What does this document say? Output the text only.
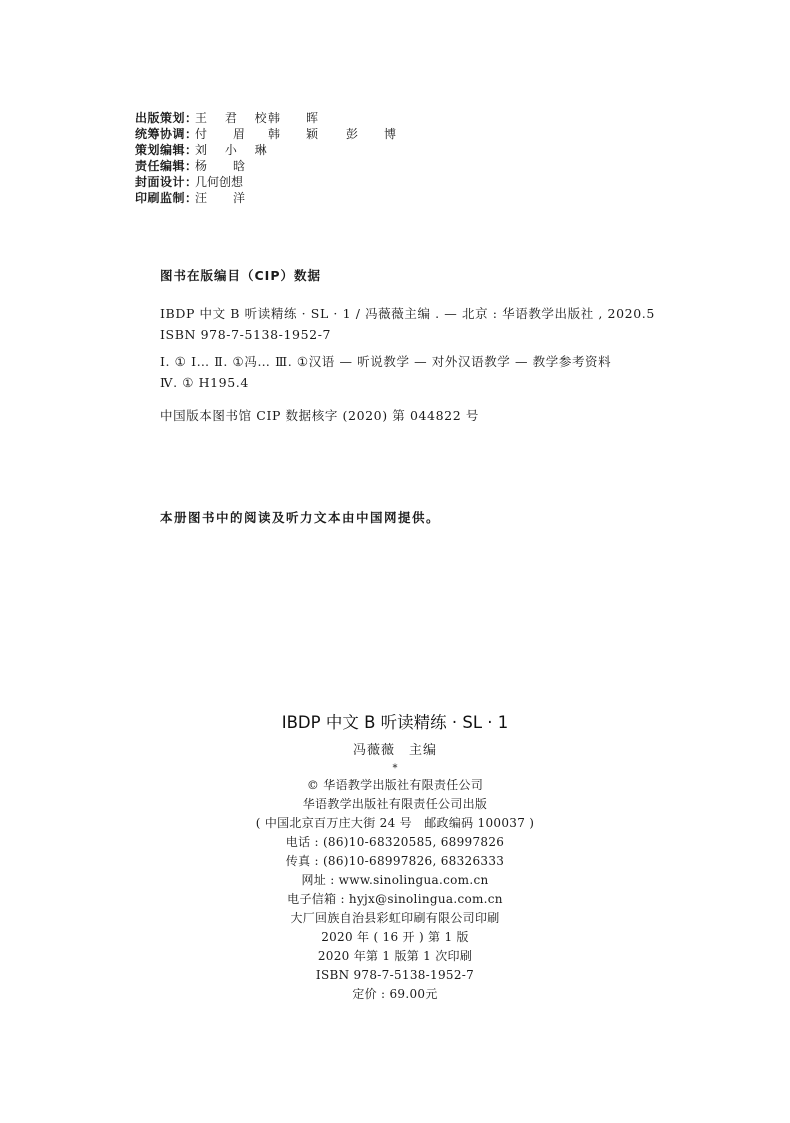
出版策划：
王 君 校
韩　晖
统筹协调：
付　眉 韩　颖 彭　博
策划编辑：
刘 小 琳
责任编辑：
杨　晗
封面设计：
几何创想
印刷监制：
汪　洋
图书在版编目（CIP）数据
IBDP 中文 B 听读精练 · SL · 1 / 冯薇薇主编 . — 北京 : 华语教学出版社 , 2020.5
ISBN 978-7-5138-1952-7
Ⅰ. ① I… Ⅱ. ①冯… Ⅲ. ①汉语 — 听说教学 — 对外汉语教学 — 教学参考资料
Ⅳ. ① H195.4
中国版本图书馆 CIP 数据核字 (2020) 第 044822 号
本册图书中的阅读及听力文本由中国网提供。
IBDP 中文 B 听读精练 · SL · 1
冯薇薇 主编
*
© 华语教学出版社有限责任公司
华语教学出版社有限责任公司出版
( 中国北京百万庄大街 24 号　邮政编码 100037 )
电话 : (86)10-68320585, 68997826
传真 : (86)10-68997826, 68326333
网址 : www.sinolingua.com.cn
电子信箱 : hyjx@sinolingua.com.cn
大厂回族自治县彩虹印刷有限公司印刷
2020 年 ( 16 开 ) 第 1 版
2020 年第 1 版第 1 次印刷
ISBN 978-7-5138-1952-7
定价 : 69.00元
